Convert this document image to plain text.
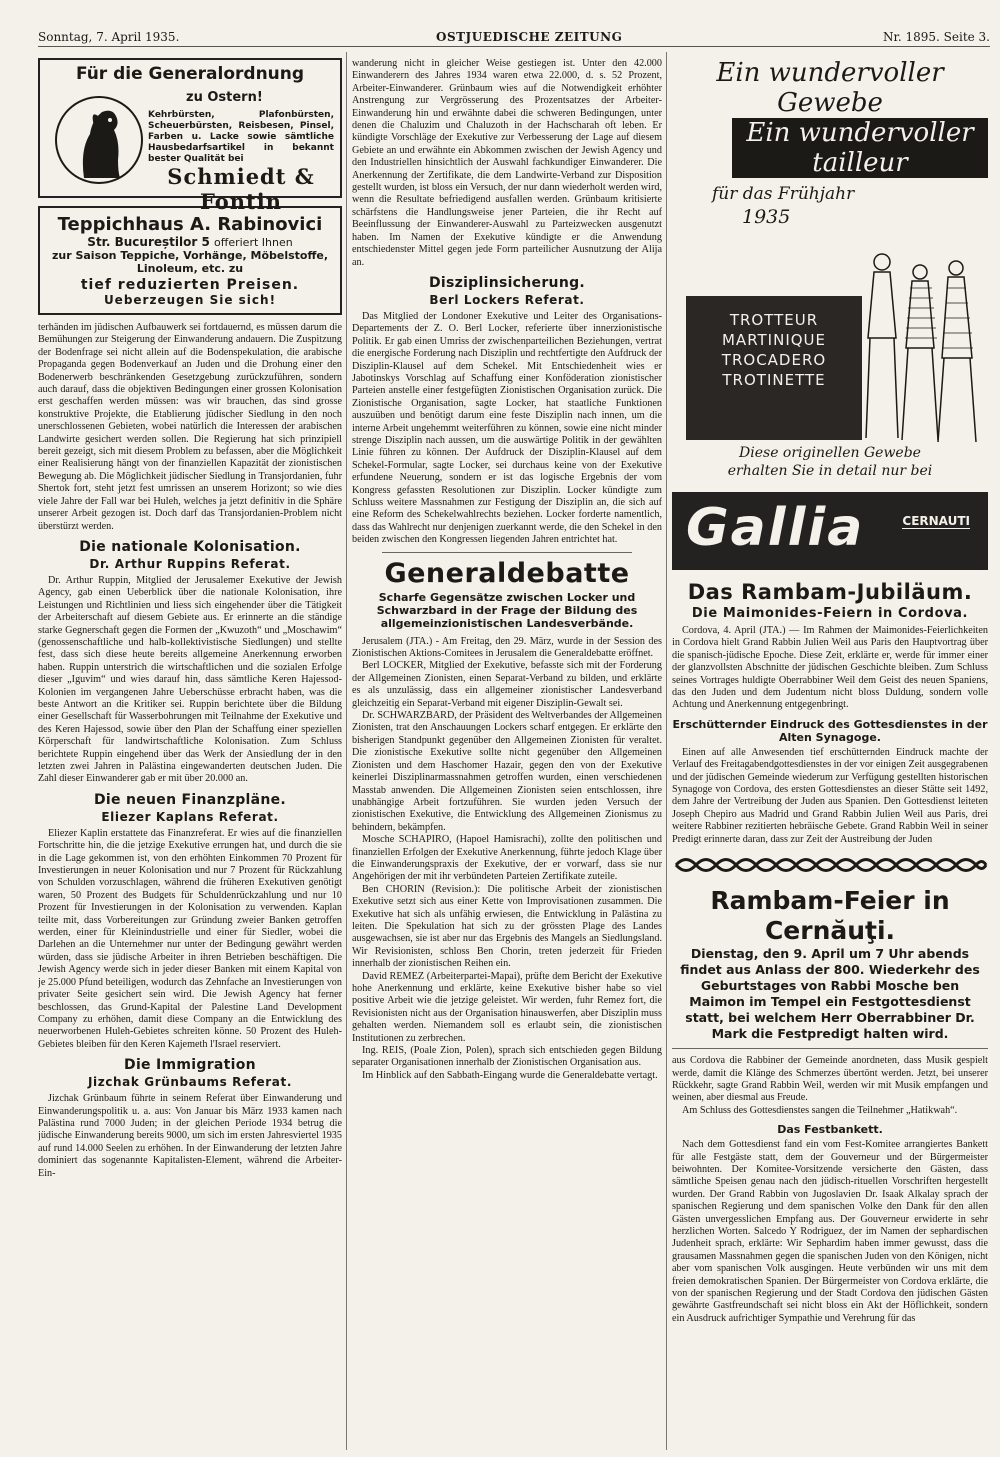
Sonntag, 7. April 1935.	OSTJUEDISCHE ZEITUNG	Nr. 1895. Seite 3.
Für die Generalordnung
zu Ostern!
Kehrbürsten, Plafonbürsten, Scheuerbürsten, Reisbesen, Pinsel, Farben u. Lacke sowie sämtliche Hausbedarfsartikel in bekannt bester Qualität bei
Schmiedt & Fontin
Teppichhaus A. Rabinovici
Str. Bucureștilor 5 offeriert Ihnen
zur Saison Teppiche, Vorhänge, Möbelstoffe, Linoleum, etc. zu
tief reduzierten Preisen.
Ueberzeugen Sie sich!

terhänden im jüdischen Aufbauwerk sei fortdauernd, es müssen darum die Bemühungen zur Steigerung der Einwanderung andauern. Die Zuspitzung der Bodenfrage sei nicht allein auf die Bodenspekulation, die arabische Propaganda gegen Bodenverkauf an Juden und die Drohung einer den Bodenerwerb beschränkenden Gesetzgebung zurückzuführen, sondern auch darauf, dass die objektiven Bedingungen einer grossen Kolonisation erst geschaffen werden müssen: was wir brauchen, das sind grosse konstruktive Projekte, die Etablierung jüdischer Siedlung in den noch unerschlossenen Gebieten, wobei natürlich die Interessen der arabischen Landwirte gesichert werden sollen. Die Regierung hat sich prinzipiell bereit gezeigt, sich mit diesem Problem zu befassen, aber die Möglichkeit einer Realisierung hängt von der finanziellen Kapazität der zionistischen Bewegung ab. Die Möglichkeit jüdischer Siedlung in Transjordanien, fuhr Shertok fort, steht jetzt fest umrissen an unserem Horizont; so wie dies viele Jahre der Fall war bei Huleh, welches ja jetzt definitiv in die Sphäre unserer Arbeit gezogen ist. Doch darf das Transjordanien-Problem nicht überstürzt werden.

Die nationale Kolonisation.
Dr. Arthur Ruppins Referat.

Dr. Arthur Ruppin, Mitglied der Jerusalemer Exekutive der Jewish Agency, gab einen Ueberblick über die nationale Kolonisation, ihre Leistungen und Richtlinien und liess sich eingehender über die Tätigkeit der Arbeiterschaft auf diesem Gebiete aus. Er erinnerte an die ständige starke Gegnerschaft gegen die Formen der „Kwuzoth“ und „Moschawim“ (genossenschaftliche und halb-kollektivistische Siedlungen) und stellte fest, dass sich diese heute bereits allgemeine Anerkennung erworben haben. Ruppin unterstrich die wirtschaftlichen und die sozialen Erfolge dieser „Iguvim“ und wies darauf hin, dass sämtliche Keren Hajessod-Kolonien im vergangenen Jahre Ueberschüsse erbracht haben, was die beste Antwort an die Kritiker sei. Ruppin berichtete über die Bildung einer Gesellschaft für Wasserbohrungen mit Teilnahme der Exekutive und des Keren Hajessod, sowie über den Plan der Schaffung einer speziellen Körperschaft für landwirtschaftliche Kolonisation. Zum Schluss berichtete Ruppin eingehend über das Werk der Ansiedlung der in den letzten zwei Jahren in Palästina eingewanderten deutschen Juden. Die Zahl dieser Einwanderer gab er mit über 20.000 an.

Die neuen Finanzpläne.
Eliezer Kaplans Referat.

Eliezer Kaplin erstattete das Finanzreferat. Er wies auf die finanziellen Fortschritte hin, die die jetzige Exekutive errungen hat, und durch die sie in die Lage gekommen ist, von den erhöhten Einkommen 70 Prozent für Investierungen in neuer Kolonisation und nur 7 Prozent für Rückzahlung von Schulden vorzuschlagen, während die früheren Exekutiven genötigt waren, 50 Prozent des Budgets für Schuldenrückzahlung und nur 10 Prozent für Investierungen in der Kolonisation zu verwenden. Kaplan teilte mit, dass Vorbereitungen zur Gründung zweier Banken getroffen werden, einer für Kleinindustrielle und einer für Siedler, wobei die Darlehen an die Unternehmer nur unter der Bedingung gewährt werden würden, dass sie jüdische Arbeiter in ihren Betrieben beschäftigen. Die Jewish Agency werde sich in jeder dieser Banken mit einem Kapital von je 25.000 Pfund beteiligen, wodurch das Zehnfache an Investierungen von privater Seite gesichert sein wird. Die Jewish Agency hat ferner beschlossen, das Grund-Kapital der Palestine Land Development Company zu erhöhen, damit diese Company an die Entwicklung des neuerworbenen Huleh-Gebietes schreiten könne. 50 Prozent des Huleh-Gebietes bleiben für den Keren Kajemeth l'Israel reserviert.

Die Immigration
Jizchak Grünbaums Referat.

Jizchak Grünbaum führte in seinem Referat über Einwanderung und Einwanderungspolitik u. a. aus: Von Januar bis März 1933 kamen nach Palästina rund 7000 Juden; in der gleichen Periode 1934 betrug die jüdische Einwanderung bereits 9000, um sich im ersten Jahresviertel 1935 auf rund 14.000 Seelen zu erhöhen. In der Einwanderung der letzten Jahre dominiert das sogenannte Kapitalisten-Element, während die Arbeiter-Ein-

wanderung nicht in gleicher Weise gestiegen ist. Unter den 42.000 Einwanderern des Jahres 1934 waren etwa 22.000, d. s. 52 Prozent, Arbeiter-Einwanderer. Grünbaum wies auf die Notwendigkeit erhöhter Anstrengung zur Vergrösserung des Prozentsatzes der Arbeiter-Einwanderung hin und erwähnte dabei die schweren Bedingungen, unter denen die Chaluzim und Chaluzoth in der Hachscharah oft leben. Er kündigte Vorschläge der Exekutive zur Verbesserung der Lage auf diesem Gebiete an und erwähnte ein Abkommen zwischen der Jewish Agency und den Industriellen hinsichtlich der Auswahl fachkundiger Einwanderer. Die Anerkennung der Zertifikate, die dem Landwirte-Verband zur Disposition gestellt wurden, ist bloss ein Versuch, der nur dann wiederholt werden wird, wenn die Resultate befriedigend ausfallen werden. Grünbaum kritisierte schärfstens die Handlungsweise jener Parteien, die ihr Recht auf Beeinflussung der Einwanderer-Auswahl zu Parteizwecken ausgenutzt haben. Im Namen der Exekutive kündigte er die Anwendung entschiedenster Mittel gegen jede Form parteilicher Ausnutzung der Alija an.

Disziplinsicherung.
Berl Lockers Referat.

Das Mitglied der Londoner Exekutive und Leiter des Organisations-Departements der Z. O. Berl Locker, referierte über innerzionistische Politik. Er gab einen Umriss der zwischenparteilichen Beziehungen, vertrat die energische Forderung nach Disziplin und rechtfertigte den Aufdruck der Disziplin-Klausel auf dem Schekel. Mit Entschiedenheit wies er Jabotinskys Vorschlag auf Schaffung einer Konföderation zionistischer Parteien anstelle einer festgefügten Zionistischen Organisation zurück. Die Zionistische Organisation, sagte Locker, hat staatliche Funktionen auszuüben und benötigt darum eine feste Disziplin nach innen, um die interne Arbeit ungehemmt weiterführen zu können, sowie eine nicht minder strenge Disziplin nach aussen, um die auswärtige Politik in der gewählten Linie führen zu können. Der Aufdruck der Disziplin-Klausel auf dem Schekel-Formular, sagte Locker, sei durchaus keine von der Exekutive erfundene Neuerung, sondern er ist das logische Ergebnis der vom Kongress gefassten Resolutionen zur Disziplin. Locker kündigte zum Schluss weitere Massnahmen zur Festigung der Disziplin an, die sich auf eine Reform des Schekelwahlrechts beziehen. Locker forderte namentlich, dass das Wahlrecht nur denjenigen zuerkannt werde, die den Schekel in den beiden zwischen den Kongressen liegenden Jahren entrichtet hat.

Generaldebatte
Scharfe Gegensätze zwischen Locker und Schwarzbard in der Frage der Bildung des allgemeinzionistischen Landesverbände.

Jerusalem (JTA.) - Am Freitag, den 29. März, wurde in der Session des Zionistischen Aktions-Comitees in Jerusalem die Generaldebatte eröffnet.

Berl LOCKER, Mitglied der Exekutive, befasste sich mit der Forderung der Allgemeinen Zionisten, einen Separat-Verband zu bilden, und erklärte es als unzulässig, dass ein allgemeiner zionistischer Landesverband gleichzeitig ein Separat-Verband mit eigener Disziplin-Gewalt sei.

Dr. SCHWARZBARD, der Präsident des Weltverbandes der Allgemeinen Zionisten, trat den Anschauungen Lockers scharf entgegen. Er erklärte den bisherigen Standpunkt gegenüber den Allgemeinen Zionisten für veraltet. Die zionistische Exekutive sollte nicht gegenüber den Allgemeinen Zionisten und dem Haschomer Hazair, gegen den von der Exekutive keinerlei Disziplinarmassnahmen getroffen wurden, einen verschiedenen Masstab anwenden. Die Allgemeinen Zionisten seien entschlossen, ihre unabhängige Arbeit fortzuführen. Sie wurden jeden Versuch der zionistischen Exekutive, die Entwicklung des Allgemeinen Zionismus zu behindern, bekämpfen.

Mosche SCHAPIRO, (Hapoel Hamisrachi), zollte den politischen und finanziellen Erfolgen der Exekutive Anerkennung, führte jedoch Klage über die Einwanderungspraxis der Exekutive, der er vorwarf, dass sie nur Angehörigen der mit ihr verbündeten Parteien Zertifikate zuteile.

Ben CHORIN (Revision.): Die politische Arbeit der zionistischen Exekutive setzt sich aus einer Kette von Improvisationen zusammen. Die Exekutive hat sich als unfähig erwiesen, die Entwicklung in Palästina zu leiten. Die Spekulation hat sich zu der grössten Plage des Landes ausgewachsen, sie ist aber nur das Ergebnis des Mangels an Siedlungsland. Wir Revisionisten, schloss Ben Chorin, treten jederzeit für Frieden innerhalb der zionistischen Reihen ein.

David REMEZ (Arbeiterpartei-Mapai), prüfte dem Bericht der Exekutive hohe Anerkennung und erklärte, keine Exekutive bisher habe so viel positive Arbeit wie die jetzige geleistet. Wir werden, fuhr Remez fort, die Revisionisten nicht aus der Organisation hinauswerfen, aber Disziplin muss gehalten werden. Niemandem soll es erlaubt sein, die zionistischen Institutionen zu zerbrechen.

Ing. REIS, (Poale Zion, Polen), sprach sich entschieden gegen Bildung separater Organisationen innerhalb der Zionistischen Organisation aus.

Im Hinblick auf den Sabbath-Eingang wurde die Generaldebatte vertagt.

Ein wundervoller Gewebe
Ein wundervoller tailleur
für das Frühjahr
1935
TROTTEUR
MARTINIQUE
TROCADERO
TROTINETTE
Diese originellen Gewebe
erhalten Sie in detail nur bei
Gallia	CERNAUTI
Das Rambam-Jubiläum.
Die Maimonides-Feiern in Cordova.

Cordova, 4. April (JTA.) — Im Rahmen der Maimonides-Feierlichkeiten in Cordova hielt Grand Rabbin Julien Weil aus Paris den Hauptvortrag über die spanisch-jüdische Epoche. Diese Zeit, erklärte er, werde für immer einer der glanzvollsten Abschnitte der jüdischen Geschichte bleiben. Zum Schluss seines Vortrages huldigte Oberrabbiner Weil dem Geist des neuen Spaniens, das den Juden und dem Judentum nicht bloss Duldung, sondern volle Achtung und Anerkennung entgegenbringt.

Erschütternder Eindruck des Gottesdienstes in der Alten Synagoge.

Einen auf alle Anwesenden tief erschütternden Eindruck machte der Verlauf des Freitagabendgottesdienstes in der vor einigen Zeit ausgegrabenen und der jüdischen Gemeinde wiederum zur Verfügung gestellten historischen Synagoge von Cordova, des ersten Gottesdienstes an dieser Stätte seit 1492, dem Jahre der Vertreibung der Juden aus Spanien. Den Gottesdienst leiteten Joseph Chepiro aus Madrid und Grand Rabbin Julien Weil aus Paris, drei weitere Rabbiner rezitierten hebräische Gebete. Grand Rabbin Weil in seiner Predigt erinnerte daran, dass zur Zeit der Austreibung der Juden

Rambam-Feier in
Cernăuţi.
Dienstag, den 9. April um 7 Uhr abends findet aus Anlass der 800. Wiederkehr des Geburtstages von Rabbi Mosche ben Maimon im Tempel ein Festgottesdienst statt, bei welchem Herr Oberrabbiner Dr. Mark die Festpredigt halten wird.

aus Cordova die Rabbiner der Gemeinde anordneten, dass Musik gespielt werde, damit die Klänge des Schmerzes übertönt werden. Jetzt, bei unserer Rückkehr, sagte Grand Rabbin Weil, werden wir mit Musik empfangen und weinen, aber diesmal aus Freude.

Am Schluss des Gottesdienstes sangen die Teilnehmer „Hatikwah“.

Das Festbankett.

Nach dem Gottesdienst fand ein vom Fest-Komitee arrangiertes Bankett für alle Festgäste statt, dem der Gouverneur und der Bürgermeister beiwohnten. Der Komitee-Vorsitzende versicherte den Gästen, dass sämtliche Speisen genau nach den jüdisch-rituellen Vorschriften hergestellt wurden. Der Grand Rabbin von Jugoslavien Dr. Isaak Alkalay sprach der spanischen Regierung und dem spanischen Volke den Dank für den allen Gästen unvergesslichen Empfang aus. Der Gouverneur erwiderte in sehr herzlichen Worten. Salcedo Y Rodriguez, der im Namen der sephardischen Judenheit sprach, erklärte: Wir Sephardim haben immer gewusst, dass die grausamen Massnahmen gegen die spanischen Juden von den Königen, nicht aber vom spanischen Volk ausgingen. Heute verbünden wir uns mit dem freien demokratischen Spanien. Der Bürgermeister von Cordova erklärte, die von der spanischen Regierung und der Stadt Cordova den jüdischen Gästen gewährte Gastfreundschaft sei nicht bloss ein Akt der Höflichkeit, sondern ein Ausdruck aufrichtiger Sympathie und Verehrung für das
